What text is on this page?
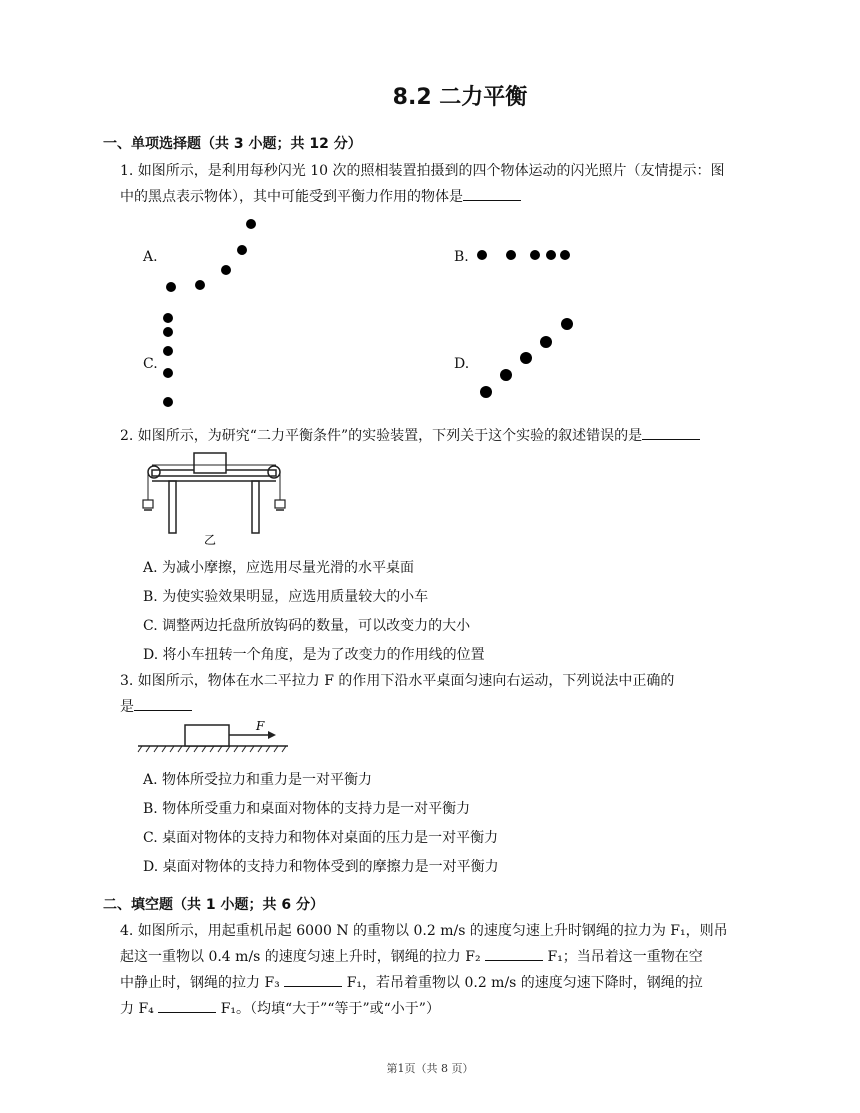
8.2 二力平衡
一、单项选择题（共 3 小题；共 12 分）
1. 如图所示，是利用每秒闪光 10 次的照相装置拍摄到的四个物体运动的闪光照片（友情提示：图
中的黑点表示物体），其中可能受到平衡力作用的物体是
A.	B.
C.	D.
2. 如图所示，为研究“二力平衡条件”的实验装置，下列关于这个实验的叙述错误的是
乙
A. 为减小摩擦，应选用尽量光滑的水平桌面
B. 为使实验效果明显，应选用质量较大的小车
C. 调整两边托盘所放钩码的数量，可以改变力的大小
D. 将小车扭转一个角度，是为了改变力的作用线的位置
3. 如图所示，物体在水二平拉力 F 的作用下沿水平桌面匀速向右运动，下列说法中正确的
是
F
A. 物体所受拉力和重力是一对平衡力
B. 物体所受重力和桌面对物体的支持力是一对平衡力
C. 桌面对物体的支持力和物体对桌面的压力是一对平衡力
D. 桌面对物体的支持力和物体受到的摩擦力是一对平衡力
二、填空题（共 1 小题；共 6 分）
4. 如图所示，用起重机吊起 6000 N 的重物以 0.2 m/s 的速度匀速上升时钢绳的拉力为 F₁，则吊
起这一重物以 0.4 m/s 的速度匀速上升时，钢绳的拉力 F₂	F₁；当吊着这一重物在空
中静止时，钢绳的拉力 F₃	F₁，若吊着重物以 0.2 m/s 的速度匀速下降时，钢绳的拉
力 F₄	F₁。（均填“大于”“等于”或“小于”）
第1页（共 8 页）
